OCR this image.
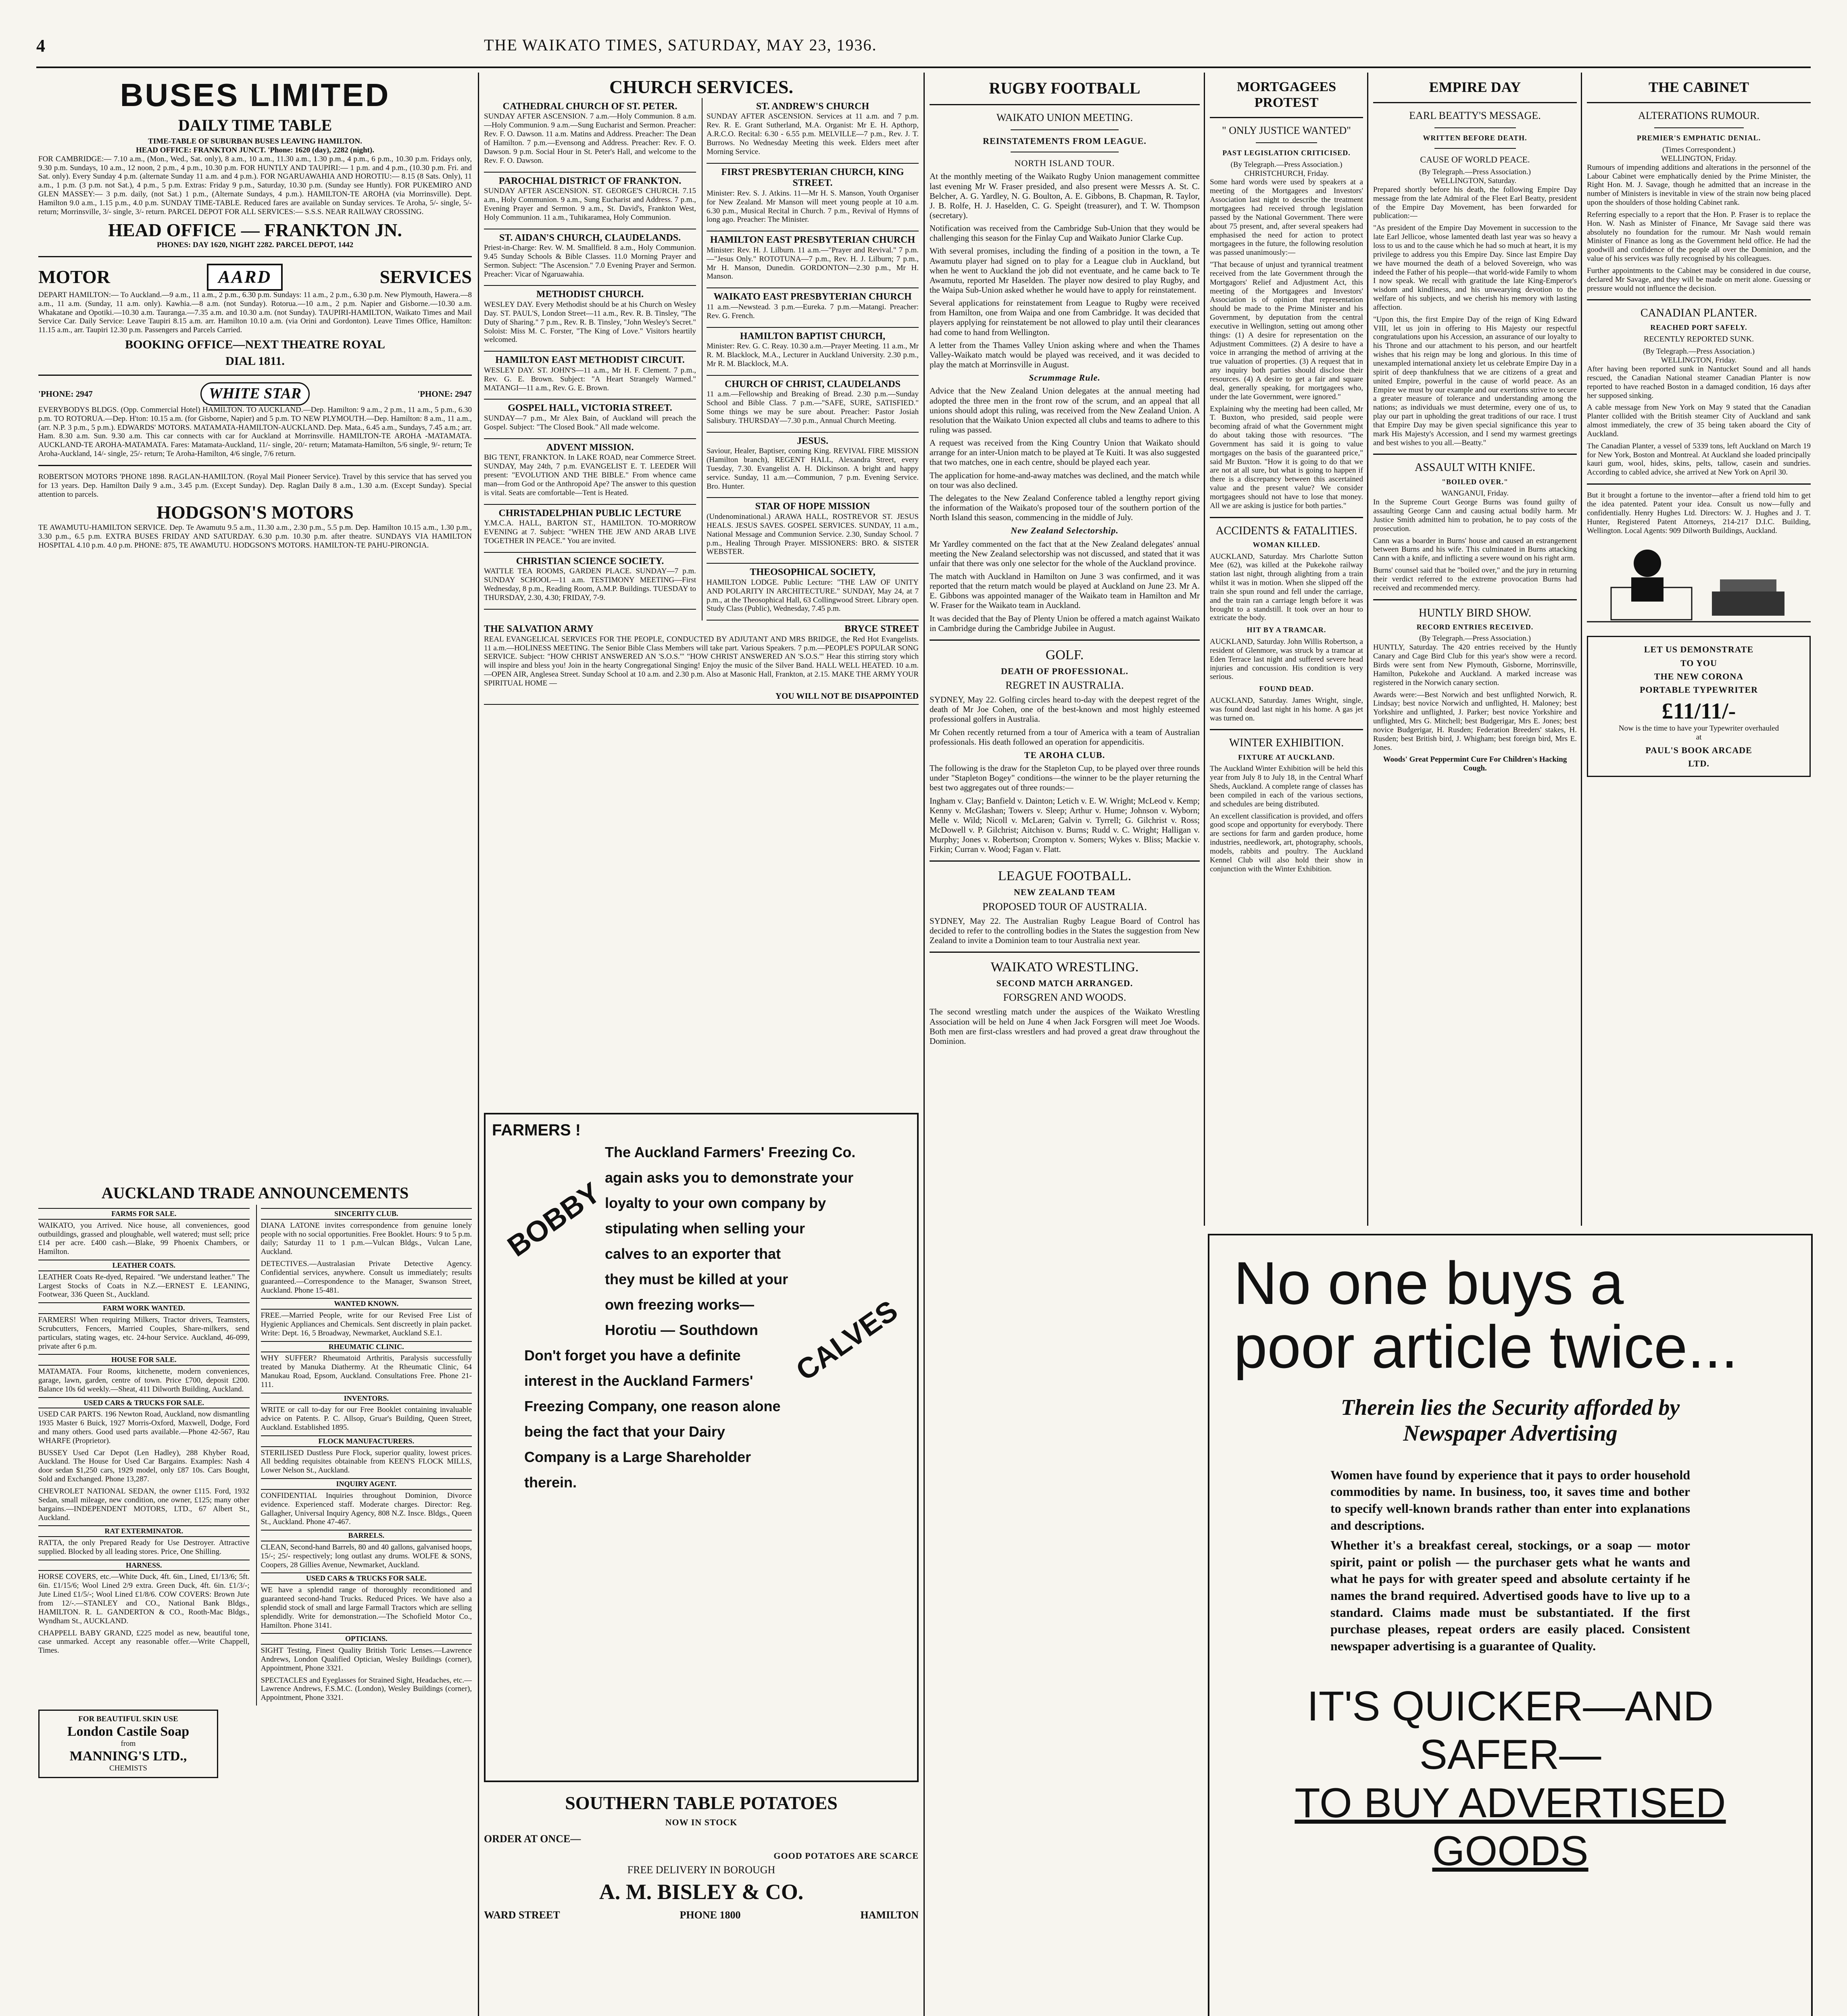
4	THE WAIKATO TIMES, SATURDAY, MAY 23, 1936.
BUSES LIMITED
DAILY TIME TABLE
TIME-TABLE OF SUBURBAN BUSES LEAVING HAMILTON.
HEAD OFFICE: FRANKTON JUNCT. 'Phone: 1620 (day), 2282 (night).

FOR CAMBRIDGE:— 7.10 a.m., (Mon., Wed., Sat. only), 8 a.m., 10 a.m., 11.30 a.m., 1.30 p.m., 4 p.m., 6 p.m., 10.30 p.m. Fridays only, 9.30 p.m. Sundays, 10 a.m., 12 noon, 2 p.m., 4 p.m., 10.30 p.m. FOR HUNTLY AND TAUPIRI:— 1 p.m. and 4 p.m., (10.30 p.m. Fri. and Sat. only). Every Sunday 4 p.m. (alternate Sunday 11 a.m. and 4 p.m.). FOR NGARUAWAHIA AND HOROTIU:— 8.15 (8 Sats. Only), 11 a.m., 1 p.m. (3 p.m. not Sat.), 4 p.m., 5 p.m. Extras: Friday 9 p.m., Saturday, 10.30 p.m. (Sunday see Huntly). FOR PUKEMIRO AND GLEN MASSEY:— 3 p.m. daily, (not Sat.) 1 p.m., (Alternate Sundays, 4 p.m.). HAMILTON-TE AROHA (via Morrinsville). Dept. Hamilton 9.0 a.m., 1.15 p.m., 4.0 p.m. SUNDAY TIME-TABLE. Reduced fares are available on Sunday services. Te Aroha, 5/- single, 5/- return; Morrinsville, 3/- single, 3/- return. PARCEL DEPOT FOR ALL SERVICES:— S.S.S. NEAR RAILWAY CROSSING.

HEAD OFFICE — FRANKTON JN.
PHONES: DAY 1620, NIGHT 2282. PARCEL DEPOT, 1442
MOTOR	AARD	SERVICES

DEPART HAMILTON:— To Auckland.—9 a.m., 11 a.m., 2 p.m., 6.30 p.m. Sundays: 11 a.m., 2 p.m., 6.30 p.m. New Plymouth, Hawera.—8 a.m., 11 a.m. (Sunday, 11 a.m. only). Kawhia.—8 a.m. (not Sunday). Rotorua.—10 a.m., 2 p.m. Napier and Gisborne.—10.30 a.m. Whakatane and Opotiki.—10.30 a.m. Tauranga.—7.35 a.m. and 10.30 a.m. (not Sunday). TAUPIRI-HAMILTON, Waikato Times and Mail Service Car. Daily Service: Leave Taupiri 8.15 a.m. arr. Hamilton 10.10 a.m. (via Orini and Gordonton). Leave Times Office, Hamilton: 11.15 a.m., arr. Taupiri 12.30 p.m. Passengers and Parcels Carried.

BOOKING OFFICE—NEXT THEATRE ROYAL
DIAL 1811.
'PHONE: 2947	WHITE STAR	'PHONE: 2947

EVERYBODYS BLDGS. (Opp. Commercial Hotel) HAMILTON. TO AUCKLAND.—Dep. Hamilton: 9 a.m., 2 p.m., 11 a.m., 5 p.m., 6.30 p.m. TO ROTORUA.—Dep. H'ton: 10.15 a.m. (for Gisborne, Napier) and 5 p.m. TO NEW PLYMOUTH.—Dep. Hamilton: 8 a.m., 11 a.m., (arr. N.P. 3 p.m., 5 p.m.). EDWARDS' MOTORS. MATAMATA-HAMILTON-AUCKLAND. Dep. Mata., 6.45 a.m., Sundays, 7.45 a.m.; arr. Ham. 8.30 a.m. Sun. 9.30 a.m. This car connects with car for Auckland at Morrinsville. HAMILTON-TE AROHA -MATAMATA. AUCKLAND-TE AROHA-MATAMATA. Fares: Matamata-Auckland, 11/- single, 20/- return; Matamata-Hamilton, 5/6 single, 9/- return; Te Aroha-Auckland, 14/- single, 25/- return; Te Aroha-Hamilton, 4/6 single, 7/6 return.

ROBERTSON MOTORS 'PHONE 1898. RAGLAN-HAMILTON. (Royal Mail Pioneer Service). Travel by this service that has served you for 13 years. Dep. Hamilton Daily 9 a.m., 3.45 p.m. (Except Sunday). Dep. Raglan Daily 8 a.m., 1.30 a.m. (Except Sunday). Special attention to parcels.

HODGSON'S MOTORS

TE AWAMUTU-HAMILTON SERVICE. Dep. Te Awamutu 9.5 a.m., 11.30 a.m., 2.30 p.m., 5.5 p.m. Dep. Hamilton 10.15 a.m., 1.30 p.m., 3.30 p.m., 6.5 p.m. EXTRA BUSES FRIDAY AND SATURDAY. 6.30 p.m. 10.30 p.m. after theatre. SUNDAYS VIA HAMILTON HOSPITAL 4.10 p.m. 4.0 p.m. PHONE: 875, TE AWAMUTU. HODGSON'S MOTORS. HAMILTON-TE PAHU-PIRONGIA.

AUCKLAND TRADE ANNOUNCEMENTS
FARMS FOR SALE.

WAIKATO, you Arrived. Nice house, all conveniences, good outbuildings, grassed and ploughable, well watered; must sell; price £14 per acre. £400 cash.—Blake, 99 Phoenix Chambers, or Hamilton.

LEATHER COATS.

LEATHER Coats Re-dyed, Repaired. "We understand leather." The Largest Stocks of Coats in N.Z.—ERNEST E. LEANING, Footwear, 336 Queen St., Auckland.

FARM WORK WANTED.

FARMERS! When requiring Milkers, Tractor drivers, Teamsters, Scrubcutters, Fencers, Married Couples, Share-milkers, send particulars, stating wages, etc. 24-hour Service. Auckland, 46-099, private after 6 p.m.

HOUSE FOR SALE.

MATAMATA. Four Rooms, kitchenette, modern conveniences, garage, lawn, garden, centre of town. Price £700, deposit £200. Balance 10s 6d weekly.—Sheat, 411 Dilworth Building, Auckland.

USED CARS & TRUCKS FOR SALE.

USED CAR PARTS. 196 Newton Road, Auckland, now dismantling 1935 Master 6 Buick, 1927 Morris-Oxford, Maxwell, Dodge, Ford and many others. Good used parts available.—Phone 42-567, Rau WHARFE (Proprietor).

BUSSEY Used Car Depot (Len Hadley), 288 Khyber Road, Auckland. The House for Used Car Bargains. Examples: Nash 4 door sedan $1,250 cars, 1929 model, only £87 10s. Cars Bought, Sold and Exchanged. Phone 13,287.

CHEVROLET NATIONAL SEDAN, the owner £115. Ford, 1932 Sedan, small mileage, new condition, one owner, £125; many other bargains.—INDEPENDENT MOTORS, LTD., 67 Albert St., Auckland.

RAT EXTERMINATOR.

RATTA, the only Prepared Ready for Use Destroyer. Attractive supplied. Blocked by all leading stores. Price, One Shilling.

HARNESS.

HORSE COVERS, etc.—White Duck, 4ft. 6in., Lined, £1/13/6; 5ft. 6in. £1/15/6; Wool Lined 2/9 extra. Green Duck, 4ft. 6in. £1/3/-; Jute Lined £1/5/-; Wool Lined £1/8/6. COW COVERS: Brown Jute from 12/-.—STANLEY and CO., National Bank Bldgs., HAMILTON. R. L. GANDERTON & CO., Rooth-Mac Bldgs., Wyndham St., AUCKLAND.

CHAPPELL BABY GRAND, £225 model as new, beautiful tone, case unmarked. Accept any reasonable offer.—Write Chappell, Times.

SINCERITY CLUB.

DIANA LATONE invites correspondence from genuine lonely people with no social opportunities. Free Booklet. Hours: 9 to 5 p.m. daily; Saturday 11 to 1 p.m.—Vulcan Bldgs., Vulcan Lane, Auckland.

DETECTIVES.—Australasian Private Detective Agency. Confidential services, anywhere. Consult us immediately; results guaranteed.—Correspondence to the Manager, Swanson Street, Auckland. Phone 15-481.

WANTED KNOWN.

FREE.—Married People, write for our Revised Free List of Hygienic Appliances and Chemicals. Sent discreetly in plain packet. Write: Dept. 16, 5 Broadway, Newmarket, Auckland S.E.1.

RHEUMATIC CLINIC.

WHY SUFFER? Rheumatoid Arthritis, Paralysis successfully treated by Manuka Diathermy. At the Rheumatic Clinic, 64 Manukau Road, Epsom, Auckland. Consultations Free. Phone 21-111.

INVENTORS.

WRITE or call to-day for our Free Booklet containing invaluable advice on Patents. P. C. Allsop, Gruar's Building, Queen Street, Auckland. Established 1895.

FLOCK MANUFACTURERS.

STERILISED Dustless Pure Flock, superior quality, lowest prices. All bedding requisites obtainable from KEEN'S FLOCK MILLS, Lower Nelson St., Auckland.

INQUIRY AGENT.

CONFIDENTIAL Inquiries throughout Dominion, Divorce evidence. Experienced staff. Moderate charges. Director: Reg. Gallagher, Universal Inquiry Agency, 808 N.Z. Insce. Bldgs., Queen St., Auckland. Phone 47-467.

BARRELS.

CLEAN, Second-hand Barrels, 80 and 40 gallons, galvanised hoops, 15/-; 25/- respectively; long outlast any drums. WOLFE & SONS, Coopers, 28 Gillies Avenue, Newmarket, Auckland.

USED CARS & TRUCKS FOR SALE.

WE have a splendid range of thoroughly reconditioned and guaranteed second-hand Trucks. Reduced Prices. We have also a splendid stock of small and large Farmall Tractors which are selling splendidly. Write for demonstration.—The Schofield Motor Co., Hamilton. Phone 3141.

OPTICIANS.

SIGHT Testing, Finest Quality British Toric Lenses.—Lawrence Andrews, London Qualified Optician, Wesley Buildings (corner), Appointment, Phone 3321.

SPECTACLES and Eyeglasses for Strained Sight, Headaches, etc.—Lawrence Andrews, F.S.M.C. (London), Wesley Buildings (corner), Appointment, Phone 3321.

FOR BEAUTIFUL SKIN USE
London Castile Soap
from
MANNING'S LTD.,
CHEMISTS
CHURCH SERVICES.
CATHEDRAL CHURCH OF ST. PETER.

SUNDAY AFTER ASCENSION. 7 a.m.—Holy Communion. 8 a.m.—Holy Communion. 9 a.m.—Sung Eucharist and Sermon. Preacher: Rev. F. O. Dawson. 11 a.m. Matins and Address. Preacher: The Dean of Hamilton. 7 p.m.—Evensong and Address. Preacher: Rev. F. O. Dawson. 9 p.m. Social Hour in St. Peter's Hall, and welcome to the Rev. F. O. Dawson.

PAROCHIAL DISTRICT OF FRANKTON.

SUNDAY AFTER ASCENSION. ST. GEORGE'S CHURCH. 7.15 a.m., Holy Communion. 9 a.m., Sung Eucharist and Address. 7 p.m., Evening Prayer and Sermon. 9 a.m., St. David's, Frankton West, Holy Communion. 11 a.m., Tuhikaramea, Holy Communion.

ST. AIDAN'S CHURCH, CLAUDELANDS.

Priest-in-Charge: Rev. W. M. Smallfield. 8 a.m., Holy Communion. 9.45 Sunday Schools & Bible Classes. 11.0 Morning Prayer and Sermon. Subject: "The Ascension." 7.0 Evening Prayer and Sermon. Preacher: Vicar of Ngaruawahia.

METHODIST CHURCH.

WESLEY DAY. Every Methodist should be at his Church on Wesley Day. ST. PAUL'S, London Street—11 a.m., Rev. R. B. Tinsley, "The Duty of Sharing." 7 p.m., Rev. R. B. Tinsley, "John Wesley's Secret." Soloist: Miss M. C. Forster, "The King of Love." Visitors heartily welcomed.

HAMILTON EAST METHODIST CIRCUIT.

WESLEY DAY. ST. JOHN'S—11 a.m., Mr H. F. Clement. 7 p.m., Rev. G. E. Brown. Subject: "A Heart Strangely Warmed." MATANGI—11 a.m., Rev. G. E. Brown.

GOSPEL HALL, VICTORIA STREET.

SUNDAY—7 p.m., Mr Alex Bain, of Auckland will preach the Gospel. Subject: "The Closed Book." All made welcome.

ADVENT MISSION.

BIG TENT, FRANKTON. In LAKE ROAD, near Commerce Street. SUNDAY, May 24th, 7 p.m. EVANGELIST E. T. LEEDER Will present: "EVOLUTION AND THE BIBLE." From whence came man—from God or the Anthropoid Ape? The answer to this question is vital. Seats are comfortable—Tent is Heated.

CHRISTADELPHIAN PUBLIC LECTURE

Y.M.C.A. HALL, BARTON ST., HAMILTON. TO-MORROW EVENING at 7. Subject: "WHEN THE JEW AND ARAB LIVE TOGETHER IN PEACE." You are invited.

CHRISTIAN SCIENCE SOCIETY.

WATTLE TEA ROOMS, GARDEN PLACE. SUNDAY—7 p.m. SUNDAY SCHOOL—11 a.m. TESTIMONY MEETING—First Wednesday, 8 p.m., Reading Room, A.M.P. Buildings. TUESDAY to THURSDAY, 2.30, 4.30; FRIDAY, 7-9.

ST. ANDREW'S CHURCH

SUNDAY AFTER ASCENSION. Services at 11 a.m. and 7 p.m. Rev. R. E. Grant Sutherland, M.A. Organist: Mr E. H. Apthorp, A.R.C.O. Recital: 6.30 - 6.55 p.m. MELVILLE—7 p.m., Rev. J. T. Burrows. No Wednesday Meeting this week. Elders meet after Morning Service.

FIRST PRESBYTERIAN CHURCH, KING STREET.

Minister: Rev. S. J. Atkins. 11—Mr H. S. Manson, Youth Organiser for New Zealand. Mr Manson will meet young people at 10 a.m. 6.30 p.m., Musical Recital in Church. 7 p.m., Revival of Hymns of long ago. Preacher: The Minister.

HAMILTON EAST PRESBYTERIAN CHURCH

Minister: Rev. H. J. Lilburn. 11 a.m.—"Prayer and Revival." 7 p.m.—"Jesus Only." ROTOTUNA—7 p.m., Rev. H. J. Lilburn; 7 p.m., Mr H. Manson, Dunedin. GORDONTON—2.30 p.m., Mr H. Manson.

WAIKATO EAST PRESBYTERIAN CHURCH

11 a.m.—Newstead. 3 p.m.—Eureka. 7 p.m.—Matangi. Preacher: Rev. G. French.

HAMILTON BAPTIST CHURCH,

Minister: Rev. G. C. Reay. 10.30 a.m.—Prayer Meeting. 11 a.m., Mr R. M. Blacklock, M.A., Lecturer in Auckland University. 2.30 p.m., Mr R. M. Blacklock, M.A.

CHURCH OF CHRIST, CLAUDELANDS

11 a.m.—Fellowship and Breaking of Bread. 2.30 p.m.—Sunday School and Bible Class. 7 p.m.—"SAFE, SURE, SATISFIED." Some things we may be sure about. Preacher: Pastor Josiah Salisbury. THURSDAY—7.30 p.m., Annual Church Meeting.

JESUS.

Saviour, Healer, Baptiser, coming King. REVIVAL FIRE MISSION (Hamilton branch), REGENT HALL, Alexandra Street, every Tuesday, 7.30. Evangelist A. H. Dickinson. A bright and happy service. Sunday, 11 a.m.—Communion, 7 p.m. Evening Service. Bro. Hunter.

STAR OF HOPE MISSION

(Undenominational.) ARAWA HALL, ROSTREVOR ST. JESUS HEALS. JESUS SAVES. GOSPEL SERVICES. SUNDAY, 11 a.m., National Message and Communion Service. 2.30, Sunday School. 7 p.m., Healing Through Prayer. MISSIONERS: BRO. & SISTER WEBSTER.

THEOSOPHICAL SOCIETY,

HAMILTON LODGE. Public Lecture: "THE LAW OF UNITY AND POLARITY IN ARCHITECTURE." SUNDAY, May 24, at 7 p.m., at the Theosophical Hall, 63 Collingwood Street. Library open. Study Class (Public), Wednesday, 7.45 p.m.

THE SALVATION ARMY	BRYCE STREET

REAL EVANGELICAL SERVICES FOR THE PEOPLE, CONDUCTED BY ADJUTANT AND MRS BRIDGE, the Red Hot Evangelists. 11 a.m.—HOLINESS MEETING. The Senior Bible Class Members will take part. Various Speakers. 7 p.m.—PEOPLE'S POPULAR SONG SERVICE. Subject: "HOW CHRIST ANSWERED AN 'S.O.S.'" "HOW CHRIST ANSWERED AN 'S.O.S.'" Hear this stirring story which will inspire and bless you! Join in the hearty Congregational Singing! Enjoy the music of the Silver Band. HALL WELL HEATED. 10 a.m.—OPEN AIR, Anglesea Street. Sunday School at 10 a.m. and 2.30 p.m. Also at Masonic Hall, Frankton, at 2.15. MAKE THE ARMY YOUR SPIRITUAL HOME —

YOU WILL NOT BE DISAPPOINTED
FARMERS !
BOBBY
CALVES
The Auckland Farmers' Freezing Co.
again asks you to demonstrate your
loyalty to your own company by
stipulating when selling your
calves to an exporter that
they must be killed at your
own freezing works—
Horotiu — Southdown
Don't forget you have a definite
interest in the Auckland Farmers'
Freezing Company, one reason alone
being the fact that your Dairy
Company is a Large Shareholder
therein.
SOUTHERN TABLE POTATOES
NOW IN STOCK
ORDER AT ONCE—
GOOD POTATOES ARE SCARCE
FREE DELIVERY IN BOROUGH
A. M. BISLEY & CO.
WARD STREET	PHONE 1800	HAMILTON
RUGBY FOOTBALL
WAIKATO UNION MEETING.
REINSTATEMENTS FROM LEAGUE.
NORTH ISLAND TOUR.

At the monthly meeting of the Waikato Rugby Union management committee last evening Mr W. Fraser presided, and also present were Messrs A. St. C. Belcher, A. G. Yardley, N. G. Boulton, A. E. Gibbons, B. Chapman, R. Taylor, J. B. Rolfe, H. J. Haselden, C. G. Speight (treasurer), and T. W. Thompson (secretary).

Notification was received from the Cambridge Sub-Union that they would be challenging this season for the Finlay Cup and Waikato Junior Clarke Cup.

With several promises, including the finding of a position in the town, a Te Awamutu player had signed on to play for a League club in Auckland, but when he went to Auckland the job did not eventuate, and he came back to Te Awamutu, reported Mr Haselden. The player now desired to play Rugby, and the Waipa Sub-Union asked whether he would have to apply for reinstatement.

Several applications for reinstatement from League to Rugby were received from Hamilton, one from Waipa and one from Cambridge. It was decided that players applying for reinstatement be not allowed to play until their clearances had come to hand from Wellington.

A letter from the Thames Valley Union asking where and when the Thames Valley-Waikato match would be played was received, and it was decided to play the match at Morrinsville in August.

Scrummage Rule.

Advice that the New Zealand Union delegates at the annual meeting had adopted the three men in the front row of the scrum, and an appeal that all unions should adopt this ruling, was received from the New Zealand Union. A resolution that the Waikato Union expected all clubs and teams to adhere to this ruling was passed.

A request was received from the King Country Union that Waikato should arrange for an inter-Union match to be played at Te Kuiti. It was also suggested that two matches, one in each centre, should be played each year.

The application for home-and-away matches was declined, and the match while on tour was also declined.

The delegates to the New Zealand Conference tabled a lengthy report giving the information of the Waikato's proposed tour of the southern portion of the North Island this season, commencing in the middle of July.

New Zealand Selectorship.

Mr Yardley commented on the fact that at the New Zealand delegates' annual meeting the New Zealand selectorship was not discussed, and stated that it was unfair that there was only one selector for the whole of the Auckland province.

The match with Auckland in Hamilton on June 3 was confirmed, and it was reported that the return match would be played at Auckland on June 23. Mr A. E. Gibbons was appointed manager of the Waikato team in Hamilton and Mr W. Fraser for the Waikato team in Auckland.

It was decided that the Bay of Plenty Union be offered a match against Waikato in Cambridge during the Cambridge Jubilee in August.

GOLF.
DEATH OF PROFESSIONAL.
REGRET IN AUSTRALIA.

SYDNEY, May 22. Golfing circles heard to-day with the deepest regret of the death of Mr Joe Cohen, one of the best-known and most highly esteemed professional golfers in Australia.

Mr Cohen recently returned from a tour of America with a team of Australian professionals. His death followed an operation for appendicitis.

TE AROHA CLUB.

The following is the draw for the Stapleton Cup, to be played over three rounds under "Stapleton Bogey" conditions—the winner to be the player returning the best two aggregates out of three rounds:—

Ingham v. Clay; Banfield v. Dainton; Letich v. E. W. Wright; McLeod v. Kemp; Kenny v. McGlashan; Towers v. Sleep; Arthur v. Hume; Johnson v. Wyborn; Melle v. Wild; Nicoll v. McLaren; Galvin v. Tyrrell; G. Gilchrist v. Ross; McDowell v. P. Gilchrist; Aitchison v. Burns; Rudd v. C. Wright; Halligan v. Murphy; Jones v. Robertson; Crompton v. Somers; Wykes v. Bliss; Mackie v. Firkin; Curran v. Wood; Fagan v. Flatt.

LEAGUE FOOTBALL.
NEW ZEALAND TEAM
PROPOSED TOUR OF AUSTRALIA.

SYDNEY, May 22. The Australian Rugby League Board of Control has decided to refer to the controlling bodies in the States the suggestion from New Zealand to invite a Dominion team to tour Australia next year.

WAIKATO WRESTLING.
SECOND MATCH ARRANGED.
FORSGREN AND WOODS.

The second wrestling match under the auspices of the Waikato Wrestling Association will be held on June 4 when Jack Forsgren will meet Joe Woods. Both men are first-class wrestlers and had proved a great draw throughout the Dominion.

MORTGAGEES PROTEST
" ONLY JUSTICE WANTED"
PAST LEGISLATION CRITICISED.
(By Telegraph.—Press Association.)
CHRISTCHURCH, Friday.

Some hard words were used by speakers at a meeting of the Mortgagees and Investors' Association last night to describe the treatment mortgagees had received through legislation passed by the National Government. There were about 75 present, and, after several speakers had emphasised the need for action to protect mortgagees in the future, the following resolution was passed unanimously:—

"That because of unjust and tyrannical treatment received from the late Government through the Mortgagors' Relief and Adjustment Act, this meeting of the Mortgagees and Investors' Association is of opinion that representation should be made to the Prime Minister and his Government, by deputation from the central executive in Wellington, setting out among other things: (1) A desire for representation on the Adjustment Committees. (2) A desire to have a voice in arranging the method of arriving at the true valuation of properties. (3) A request that in any inquiry both parties should disclose their resources. (4) A desire to get a fair and square deal, generally speaking, for mortgagees who, under the late Government, were ignored."

Explaining why the meeting had been called, Mr T. Buxton, who presided, said people were becoming afraid of what the Government might do about taking those with resources. "The Government has said it is going to value mortgages on the basis of the guaranteed price," said Mr Buxton. "How it is going to do that we are not at all sure, but what is going to happen if there is a discrepancy between this ascertained value and the present value? We consider mortgagees should not have to lose that money. All we are asking is justice for both parties."

ACCIDENTS & FATALITIES.
WOMAN KILLED.

AUCKLAND, Saturday. Mrs Charlotte Sutton Mee (62), was killed at the Pukekohe railway station last night, through alighting from a train whilst it was in motion. When she slipped off the train she spun round and fell under the carriage, and the train ran a carriage length before it was brought to a standstill. It took over an hour to extricate the body.

HIT BY A TRAMCAR.

AUCKLAND, Saturday. John Willis Robertson, a resident of Glenmore, was struck by a tramcar at Eden Terrace last night and suffered severe head injuries and concussion. His condition is very serious.

FOUND DEAD.

AUCKLAND, Saturday. James Wright, single, was found dead last night in his home. A gas jet was turned on.

WINTER EXHIBITION.
FIXTURE AT AUCKLAND.

The Auckland Winter Exhibition will be held this year from July 8 to July 18, in the Central Wharf Sheds, Auckland. A complete range of classes has been compiled in each of the various sections, and schedules are being distributed.

An excellent classification is provided, and offers good scope and opportunity for everybody. There are sections for farm and garden produce, home industries, needlework, art, photography, schools, models, rabbits and poultry. The Auckland Kennel Club will also hold their show in conjunction with the Winter Exhibition.

EMPIRE DAY
EARL BEATTY'S MESSAGE.
WRITTEN BEFORE DEATH.
CAUSE OF WORLD PEACE.
(By Telegraph.—Press Association.)
WELLINGTON, Saturday.

Prepared shortly before his death, the following Empire Day message from the late Admiral of the Fleet Earl Beatty, president of the Empire Day Movement, has been forwarded for publication:—

"As president of the Empire Day Movement in succession to the late Earl Jellicoe, whose lamented death last year was so heavy a loss to us and to the cause which he had so much at heart, it is my privilege to address you this Empire Day. Since last Empire Day we have mourned the death of a beloved Sovereign, who was indeed the Father of his people—that world-wide Family to whom I now speak. We recall with gratitude the late King-Emperor's wisdom and kindliness, and his unwearying devotion to the welfare of his subjects, and we cherish his memory with lasting affection.

"Upon this, the first Empire Day of the reign of King Edward VIII, let us join in offering to His Majesty our respectful congratulations upon his Accession, an assurance of our loyalty to his Throne and our attachment to his person, and our heartfelt wishes that his reign may be long and glorious. In this time of unexampled international anxiety let us celebrate Empire Day in a spirit of deep thankfulness that we are citizens of a great and united Empire, powerful in the cause of world peace. As an Empire we must by our example and our exertions strive to secure a greater measure of tolerance and understanding among the nations; as individuals we must determine, every one of us, to play our part in upholding the great traditions of our race. I trust that Empire Day may be given special significance this year to mark His Majesty's Accession, and I send my warmest greetings and best wishes to you all.—Beatty."

ASSAULT WITH KNIFE.
"BOILED OVER."
WANGANUI, Friday.

In the Supreme Court George Burns was found guilty of assaulting George Cann and causing actual bodily harm. Mr Justice Smith admitted him to probation, he to pay costs of the prosecution.

Cann was a boarder in Burns' house and caused an estrangement between Burns and his wife. This culminated in Burns attacking Cann with a knife, and inflicting a severe wound on his right arm.

Burns' counsel said that he "boiled over," and the jury in returning their verdict referred to the extreme provocation Burns had received and recommended mercy.

HUNTLY BIRD SHOW.
RECORD ENTRIES RECEIVED.
(By Telegraph.—Press Association.)

HUNTLY, Saturday. The 420 entries received by the Huntly Canary and Cage Bird Club for this year's show were a record. Birds were sent from New Plymouth, Gisborne, Morrinsville, Hamilton, Pukekohe and Auckland. A marked increase was registered in the Norwich canary section.

Awards were:—Best Norwich and best unflighted Norwich, R. Lindsay; best novice Norwich and unflighted, H. Maloney; best Yorkshire and unflighted, J. Parker; best novice Yorkshire and unflighted, Mrs G. Mitchell; best Budgerigar, Mrs E. Jones; best novice Budgerigar, H. Rusden; Federation Breeders' stakes, H. Rusden; best British bird, J. Whigham; best foreign bird, Mrs E. Jones.

Woods' Great Peppermint Cure For Children's Hacking Cough.
THE CABINET
ALTERATIONS RUMOUR.
PREMIER'S EMPHATIC DENIAL.
(Times Correspondent.)
WELLINGTON, Friday.

Rumours of impending additions and alterations in the personnel of the Labour Cabinet were emphatically denied by the Prime Minister, the Right Hon. M. J. Savage, though he admitted that an increase in the number of Ministers is inevitable in view of the strain now being placed upon the shoulders of those holding Cabinet rank.

Referring especially to a report that the Hon. P. Fraser is to replace the Hon. W. Nash as Minister of Finance, Mr Savage said there was absolutely no foundation for the rumour. Mr Nash would remain Minister of Finance as long as the Government held office. He had the goodwill and confidence of the people all over the Dominion, and the value of his services was fully recognised by his colleagues.

Further appointments to the Cabinet may be considered in due course, declared Mr Savage, and they will be made on merit alone. Guessing or pressure would not influence the decision.

CANADIAN PLANTER.
REACHED PORT SAFELY.
RECENTLY REPORTED SUNK.
(By Telegraph.—Press Association.)
WELLINGTON, Friday.

After having been reported sunk in Nantucket Sound and all hands rescued, the Canadian National steamer Canadian Planter is now reported to have reached Boston in a damaged condition, 16 days after her supposed sinking.

A cable message from New York on May 9 stated that the Canadian Planter collided with the British steamer City of Auckland and sank almost immediately, the crew of 35 being taken aboard the City of Auckland.

The Canadian Planter, a vessel of 5339 tons, left Auckland on March 19 for New York, Boston and Montreal. At Auckland she loaded principally kauri gum, wool, hides, skins, pelts, tallow, casein and sundries. According to cabled advice, she arrived at New York on April 30.

But it brought a fortune to the inventor—after a friend told him to get the idea patented. Patent your idea. Consult us now—fully and confidentially. Henry Hughes Ltd. Directors: W. J. Hughes and J. T. Hunter, Registered Patent Attorneys, 214-217 D.I.C. Building, Wellington. Local Agents: 909 Dilworth Buildings, Auckland.

LET US DEMONSTRATE
TO YOU
THE NEW CORONA
PORTABLE TYPEWRITER
£11/11/-
Now is the time to have your Typewriter overhauled
at
PAUL'S BOOK ARCADE
LTD.
No one buys a
poor article twice...
Therein lies the Security afforded by
Newspaper Advertising

Women have found by experience that it pays to order household commodities by name. In business, too, it saves time and bother to specify well-known brands rather than enter into explanations and descriptions.

Whether it's a breakfast cereal, stockings, or a soap — motor spirit, paint or polish — the purchaser gets what he wants and what he pays for with greater speed and absolute certainty if he names the brand required. Advertised goods have to live up to a standard. Claims made must be substantiated. If the first purchase pleases, repeat orders are easily placed. Consistent newspaper advertising is a guarantee of Quality.

IT'S QUICKER—AND SAFER—
TO BUY ADVERTISED GOODS
